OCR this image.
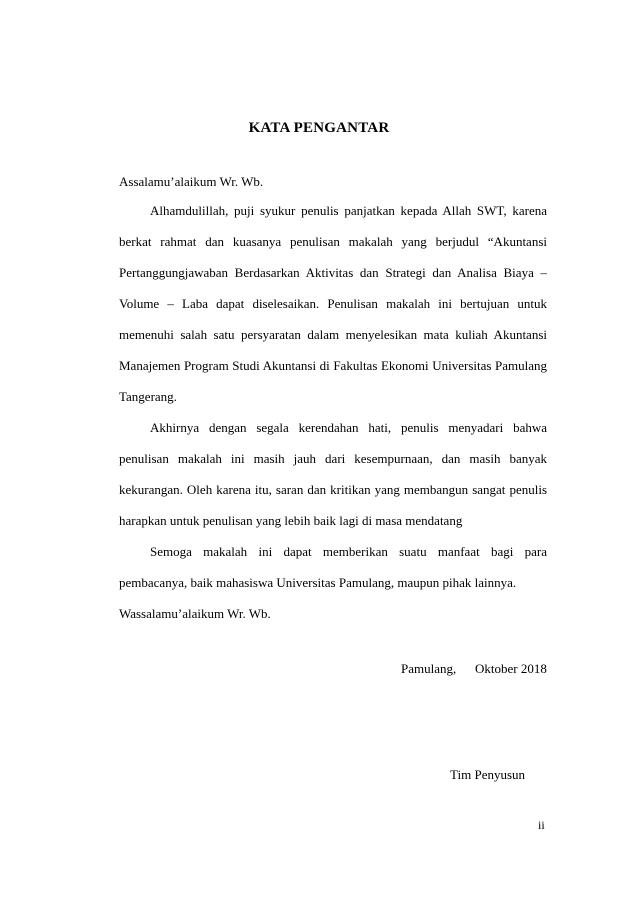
KATA PENGANTAR
Assalamu’alaikum Wr. Wb.
Alhamdulillah, puji syukur penulis panjatkan kepada Allah SWT, karena
berkat rahmat dan kuasanya penulisan makalah yang berjudul “Akuntansi
Pertanggungjawaban Berdasarkan Aktivitas dan Strategi dan Analisa Biaya –
Volume – Laba dapat diselesaikan. Penulisan makalah ini bertujuan untuk
memenuhi salah satu persyaratan dalam menyelesikan mata kuliah Akuntansi
Manajemen Program Studi Akuntansi di Fakultas Ekonomi Universitas Pamulang
Tangerang.
Akhirnya dengan segala kerendahan hati, penulis menyadari bahwa
penulisan makalah ini masih jauh dari kesempurnaan, dan masih banyak
kekurangan. Oleh karena itu, saran dan kritikan yang membangun sangat penulis
harapkan untuk penulisan yang lebih baik lagi di masa mendatang
Semoga makalah ini dapat memberikan suatu manfaat bagi para
pembacanya, baik mahasiswa Universitas Pamulang, maupun pihak lainnya.
Wassalamu’alaikum Wr. Wb.
Pamulang, Oktober 2018
Tim Penyusun
ii
